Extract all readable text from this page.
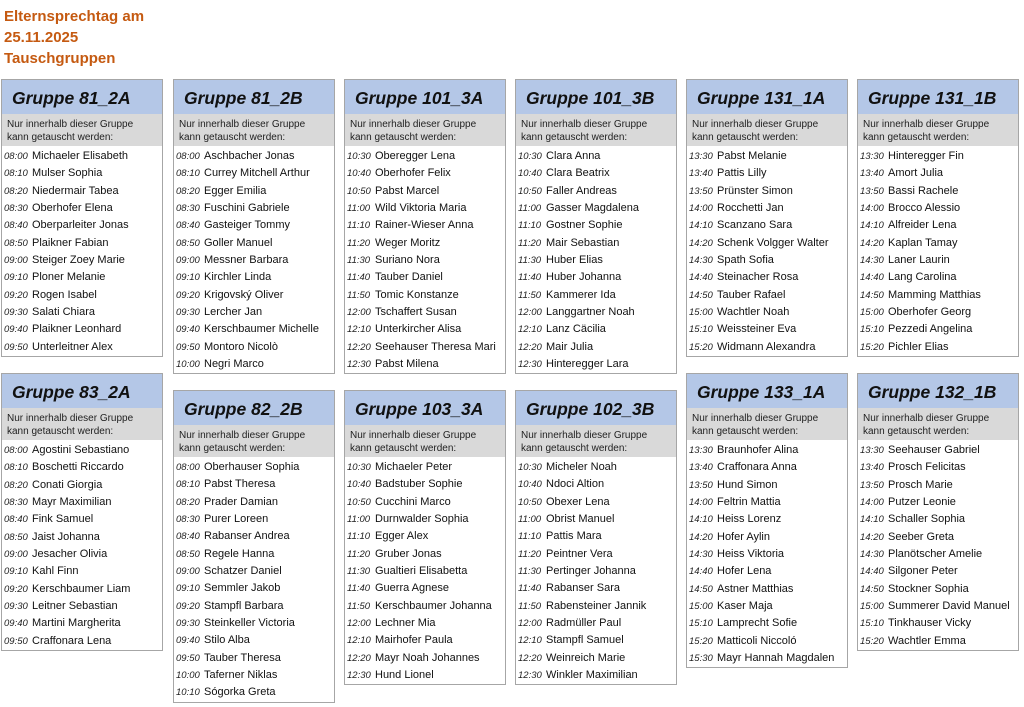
Elternsprechtag am
25.11.2025
Tauschgruppen
Gruppe 81_2A
Nur innerhalb dieser Gruppe
kann getauscht werden:
08:00 Michaeler Elisabeth
08:10 Mulser Sophia
08:20 Niedermair Tabea
08:30 Oberhofer Elena
08:40 Oberparleiter Jonas
08:50 Plaikner Fabian
09:00 Steiger Zoey Marie
09:10 Ploner Melanie
09:20 Rogen Isabel
09:30 Salati Chiara
09:40 Plaikner Leonhard
09:50 Unterleitner Alex
Gruppe 81_2B
Nur innerhalb dieser Gruppe
kann getauscht werden:
08:00 Aschbacher Jonas
08:10 Currey Mitchell Arthur
08:20 Egger Emilia
08:30 Fuschini Gabriele
08:40 Gasteiger Tommy
08:50 Goller Manuel
09:00 Messner Barbara
09:10 Kirchler Linda
09:20 Krigovský Oliver
09:30 Lercher Jan
09:40 Kerschbaumer Michelle
09:50 Montoro Nicolò
10:00 Negri Marco
Gruppe 101_3A
Nur innerhalb dieser Gruppe
kann getauscht werden:
10:30 Oberegger Lena
10:40 Oberhofer Felix
10:50 Pabst Marcel
11:00 Wild Viktoria Maria
11:10 Rainer-Wieser Anna
11:20 Weger Moritz
11:30 Suriano Nora
11:40 Tauber Daniel
11:50 Tomic Konstanze
12:00 Tschaffert Susan
12:10 Unterkircher Alisa
12:20 Seehauser Theresa Mari
12:30 Pabst Milena
Gruppe 101_3B
Nur innerhalb dieser Gruppe
kann getauscht werden:
10:30 Clara Anna
10:40 Clara Beatrix
10:50 Faller Andreas
11:00 Gasser Magdalena
11:10 Gostner Sophie
11:20 Mair Sebastian
11:30 Huber Elias
11:40 Huber Johanna
11:50 Kammerer Ida
12:00 Langgartner Noah
12:10 Lanz Cäcilia
12:20 Mair Julia
12:30 Hinteregger Lara
Gruppe 131_1A
Nur innerhalb dieser Gruppe
kann getauscht werden:
13:30 Pabst Melanie
13:40 Pattis Lilly
13:50 Prünster Simon
14:00 Rocchetti Jan
14:10 Scanzano Sara
14:20 Schenk Volgger Walter
14:30 Spath Sofia
14:40 Steinacher Rosa
14:50 Tauber Rafael
15:00 Wachtler Noah
15:10 Weissteiner Eva
15:20 Widmann Alexandra
Gruppe 131_1B
Nur innerhalb dieser Gruppe
kann getauscht werden:
13:30 Hinteregger Fin
13:40 Amort Julia
13:50 Bassi Rachele
14:00 Brocco Alessio
14:10 Alfreider Lena
14:20 Kaplan Tamay
14:30 Laner Laurin
14:40 Lang Carolina
14:50 Mamming Matthias
15:00 Oberhofer Georg
15:10 Pezzedi Angelina
15:20 Pichler Elias
Gruppe 83_2A
Nur innerhalb dieser Gruppe
kann getauscht werden:
08:00 Agostini Sebastiano
08:10 Boschetti Riccardo
08:20 Conati Giorgia
08:30 Mayr Maximilian
08:40 Fink Samuel
08:50 Jaist Johanna
09:00 Jesacher Olivia
09:10 Kahl Finn
09:20 Kerschbaumer Liam
09:30 Leitner Sebastian
09:40 Martini Margherita
09:50 Craffonara Lena
Gruppe 82_2B
Nur innerhalb dieser Gruppe
kann getauscht werden:
08:00 Oberhauser Sophia
08:10 Pabst Theresa
08:20 Prader Damian
08:30 Purer Loreen
08:40 Rabanser Andrea
08:50 Regele Hanna
09:00 Schatzer Daniel
09:10 Semmler Jakob
09:20 Stampfl Barbara
09:30 Steinkeller Victoria
09:40 Stilo Alba
09:50 Tauber Theresa
10:00 Taferner Niklas
10:10 Sógorka Greta
Gruppe 103_3A
Nur innerhalb dieser Gruppe
kann getauscht werden:
10:30 Michaeler Peter
10:40 Badstuber Sophie
10:50 Cucchini Marco
11:00 Durnwalder Sophia
11:10 Egger Alex
11:20 Gruber Jonas
11:30 Gualtieri Elisabetta
11:40 Guerra Agnese
11:50 Kerschbaumer Johanna
12:00 Lechner Mia
12:10 Mairhofer Paula
12:20 Mayr Noah Johannes
12:30 Hund Lionel
Gruppe 102_3B
Nur innerhalb dieser Gruppe
kann getauscht werden:
10:30 Micheler Noah
10:40 Ndoci Altion
10:50 Obexer Lena
11:00 Obrist Manuel
11:10 Pattis Mara
11:20 Peintner Vera
11:30 Pertinger Johanna
11:40 Rabanser Sara
11:50 Rabensteiner Jannik
12:00 Radmüller Paul
12:10 Stampfl Samuel
12:20 Weinreich Marie
12:30 Winkler Maximilian
Gruppe 133_1A
Nur innerhalb dieser Gruppe
kann getauscht werden:
13:30 Braunhofer Alina
13:40 Craffonara Anna
13:50 Hund Simon
14:00 Feltrin Mattia
14:10 Heiss Lorenz
14:20 Hofer Aylin
14:30 Heiss Viktoria
14:40 Hofer Lena
14:50 Astner Matthias
15:00 Kaser Maja
15:10 Lamprecht Sofie
15:20 Matticoli Niccoló
15:30 Mayr Hannah Magdalen
Gruppe 132_1B
Nur innerhalb dieser Gruppe
kann getauscht werden:
13:30 Seehauser Gabriel
13:40 Prosch Felicitas
13:50 Prosch Marie
14:00 Putzer Leonie
14:10 Schaller Sophia
14:20 Seeber Greta
14:30 Planötscher Amelie
14:40 Silgoner Peter
14:50 Stockner Sophia
15:00 Summerer David Manuel
15:10 Tinkhauser Vicky
15:20 Wachtler Emma
